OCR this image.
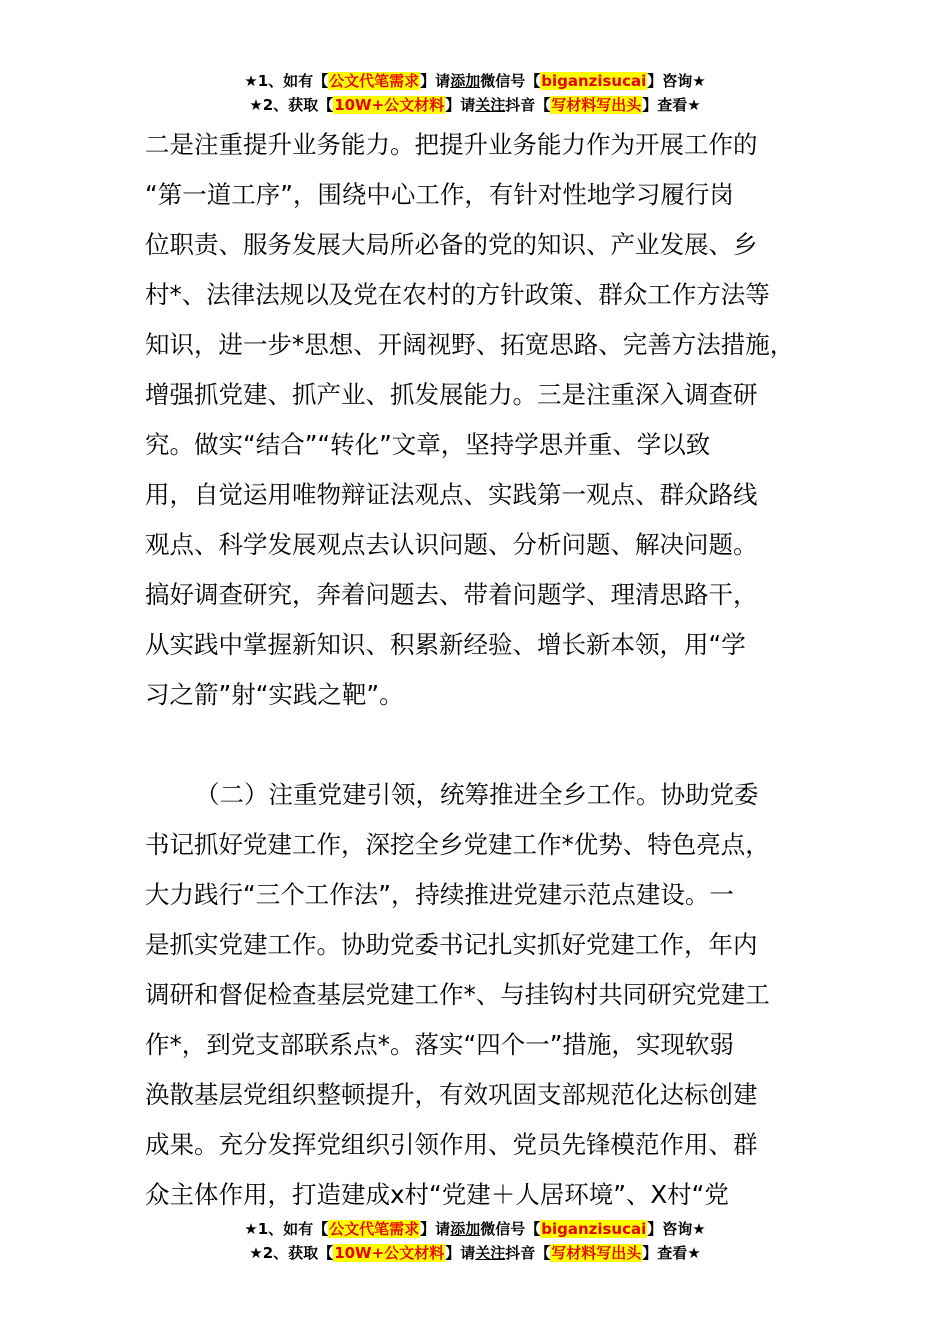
★1、如有【公文代笔需求】请添加微信号【biganzisucai】咨询★
★2、获取【10W+公文材料】请关注抖音【写材料写出头】查看★
二是注重提升业务能力。把提升业务能力作为开展工作的
“第一道工序”，围绕中心工作，有针对性地学习履行岗
位职责、服务发展大局所必备的党的知识、产业发展、乡
村*、法律法规以及党在农村的方针政策、群众工作方法等
知识，进一步*思想、开阔视野、拓宽思路、完善方法措施，
增强抓党建、抓产业、抓发展能力。三是注重深入调查研
究。做实“结合”“转化”文章，坚持学思并重、学以致
用，自觉运用唯物辩证法观点、实践第一观点、群众路线
观点、科学发展观点去认识问题、分析问题、解决问题。
搞好调查研究，奔着问题去、带着问题学、理清思路干，
从实践中掌握新知识、积累新经验、增长新本领，用“学
习之箭”射“实践之靶”。
（二）注重党建引领，统筹推进全乡工作。协助党委
书记抓好党建工作，深挖全乡党建工作*优势、特色亮点，
大力践行“三个工作法”，持续推进党建示范点建设。一
是抓实党建工作。协助党委书记扎实抓好党建工作，年内
调研和督促检查基层党建工作*、与挂钩村共同研究党建工
作*，到党支部联系点*。落实“四个一”措施，实现软弱
涣散基层党组织整顿提升，有效巩固支部规范化达标创建
成果。充分发挥党组织引领作用、党员先锋模范作用、群
众主体作用，打造建成x村“党建＋人居环境”、X村“党
★1、如有【公文代笔需求】请添加微信号【biganzisucai】咨询★
★2、获取【10W+公文材料】请关注抖音【写材料写出头】查看★
